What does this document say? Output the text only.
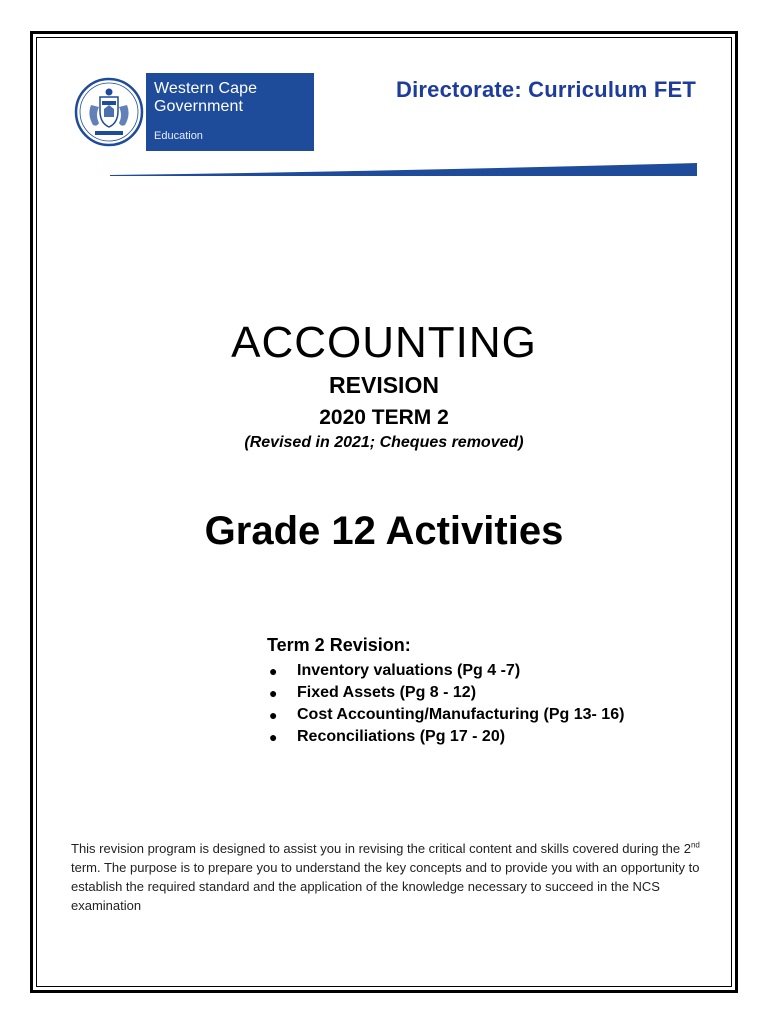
Western Cape
Government
Education
Directorate: Curriculum FET
ACCOUNTING
REVISION
2020 TERM 2
(Revised in 2021; Cheques removed)
Grade 12 Activities
Term 2 Revision:
● Inventory valuations (Pg 4 -7)
● Fixed Assets (Pg 8 - 12)
● Cost Accounting/Manufacturing (Pg 13- 16)
● Reconciliations (Pg 17 - 20)
This revision program is designed to assist you in revising the critical content and skills covered during the 2nd term. The purpose is to prepare you to understand the key concepts and to provide you with an opportunity to establish the required standard and the application of the knowledge necessary to succeed in the NCS examination
